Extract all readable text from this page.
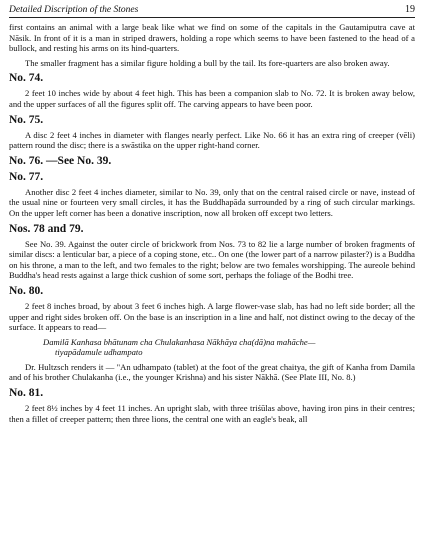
Detailed Discription of the Stones	19

first contains an animal with a large beak like what we find on some of the capitals in the Gautamiputra cave at Nāsik. In front of it is a man in striped drawers, holding a rope which seems to have been fastened to the head of a bullock, and resting his arms on its hind-quarters.

The smaller fragment has a similar figure holding a bull by the tail. Its fore-quarters are also broken away.

No. 74.

2 feet 10 inches wide by about 4 feet high. This has been a companion slab to No. 72. It is broken away below, and the upper surfaces of all the figures split off. The carving appears to have been poor.

No. 75.

A disc 2 feet 4 inches in diameter with flanges nearly perfect. Like No. 66 it has an extra ring of creeper (vēli) pattern round the disc; there is a swāstika on the upper right-hand corner.

No. 76. —See No. 39.
No. 77.

Another disc 2 feet 4 inches diameter, similar to No. 39, only that on the central raised circle or nave, instead of the usual nine or fourteen very small circles, it has the Buddhapāda surrounded by a ring of such circular markings. On the upper left corner has been a donative inscription, now all broken off except two letters.

Nos. 78 and 79.

See No. 39. Against the outer circle of brickwork from Nos. 73 to 82 lie a large number of broken fragments of similar discs: a lenticular bar, a piece of a coping stone, etc.. On one (the lower part of a narrow pilaster?) is a Buddha on his throne, a man to the left, and two females to the right; below are two females worshipping. The aureole behind Buddha's head rests against a large thick cushion of some sort, perhaps the foliage of the Bodhi tree.

No. 80.

2 feet 8 inches broad, by about 3 feet 6 inches high. A large flower-vase slab, has had no left side border; all the upper and right sides broken off. On the base is an inscription in a line and half, not distinct owing to the decay of the surface. It appears to read—

Damilā Kanhasa bhātunam cha Chulakanhasa Nākhāya cha(dā)na mahāche—
tiyapādamule udhampato

Dr. Hultzsch renders it — "An udhampato (tablet) at the foot of the great chaitya, the gift of Kanha from Damila and of his brother Chulakanha (i.e., the younger Krishna) and his sister Nākhā. (See Plate III, No. 8.)

No. 81.

2 feet 8½ inches by 4 feet 11 inches. An upright slab, with three triśūlas above, having iron pins in their centres; then a fillet of creeper pattern; then three lions, the central one with an eagle's beak, all
